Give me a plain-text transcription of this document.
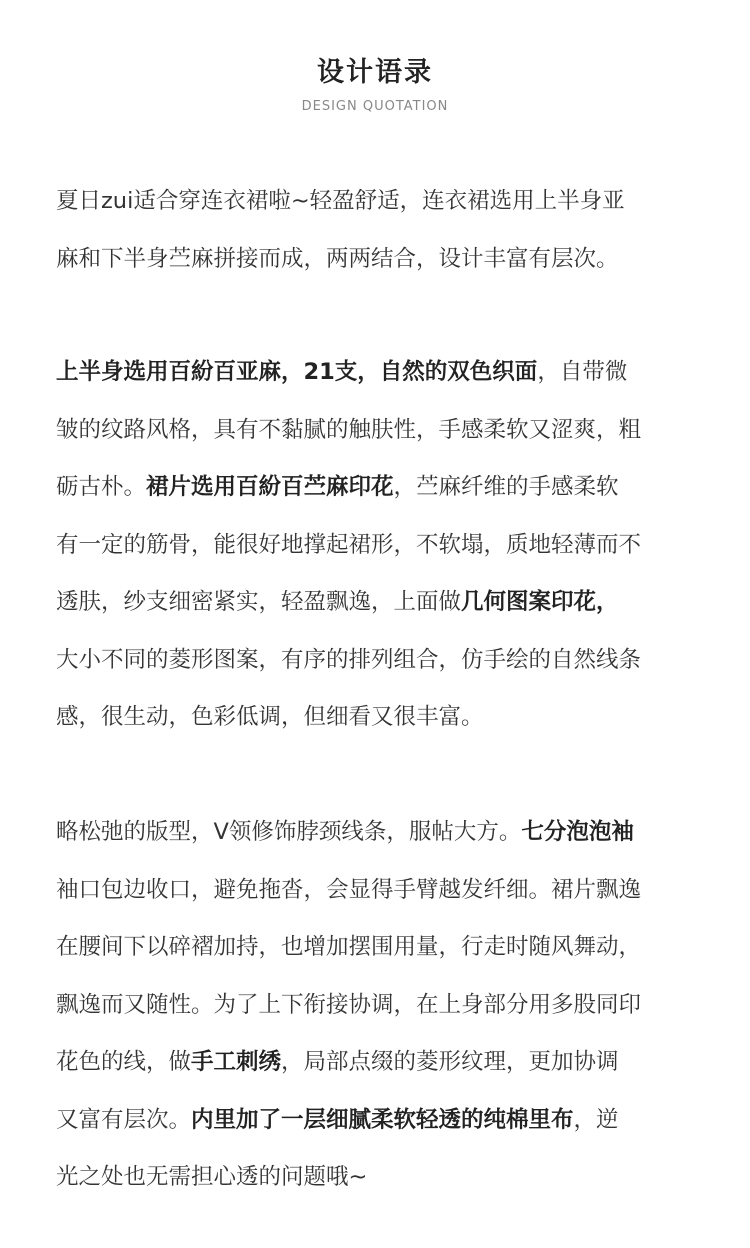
设计语录
DESIGN QUOTATION
夏日zui适合穿连衣裙啦~轻盈舒适，连衣裙选用上半身亚
麻和下半身苎麻拼接而成，两两结合，设计丰富有层次。
上半身选用百紛百亚麻，21支，自然的双色织面，自带微
皱的纹路风格，具有不黏腻的触肤性，手感柔软又涩爽，粗
砺古朴。裙片选用百紛百苎麻印花，苎麻纤维的手感柔软
有一定的筋骨，能很好地撑起裙形，不软塌，质地轻薄而不
透肤，纱支细密紧实，轻盈飘逸，上面做几何图案印花，
大小不同的菱形图案，有序的排列组合，仿手绘的自然线条
感，很生动，色彩低调，但细看又很丰富。
略松弛的版型，V领修饰脖颈线条，服帖大方。七分泡泡袖
袖口包边收口，避免拖沓，会显得手臂越发纤细。裙片飘逸
在腰间下以碎褶加持，也增加摆围用量，行走时随风舞动，
飘逸而又随性。为了上下衔接协调，在上身部分用多股同印
花色的线，做手工刺绣，局部点缀的菱形纹理，更加协调
又富有层次。内里加了一层细腻柔软轻透的纯棉里布，逆
光之处也无需担心透的问题哦~
